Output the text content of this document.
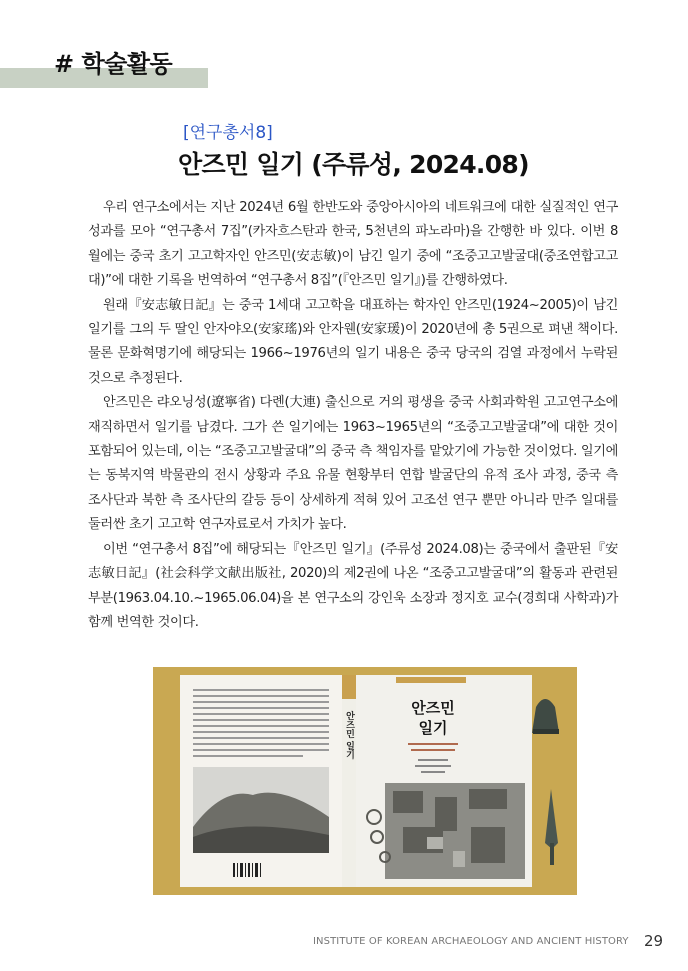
# 학술활동
[연구총서8]
안즈민 일기 (주류성, 2024.08)

우리 연구소에서는 지난 2024년 6월 한반도와 중앙아시아의 네트워크에 대한 실질적인 연구성과를 모아 “연구총서 7집”(카자흐스탄과 한국, 5천년의 파노라마)을 간행한 바 있다. 이번 8월에는 중국 초기 고고학자인 안즈민(安志敏)이 남긴 일기 중에 “조중고고발굴대(중조연합고고대)”에 대한 기록을 번역하여 “연구총서 8집”(『안즈민 일기』)를 간행하였다.

원래『安志敏日記』는 중국 1세대 고고학을 대표하는 학자인 안즈민(1924~2005)이 남긴 일기를 그의 두 딸인 안자야오(安家瑤)와 안자웬(安家瑗)이 2020년에 총 5권으로 펴낸 책이다. 물론 문화혁명기에 해당되는 1966~1976년의 일기 내용은 중국 당국의 검열 과정에서 누락된 것으로 추정된다.

안즈민은 랴오닝성(遼寧省) 다롄(大連) 출신으로 거의 평생을 중국 사회과학원 고고연구소에 재직하면서 일기를 남겼다. 그가 쓴 일기에는 1963~1965년의 “조중고고발굴대”에 대한 것이 포함되어 있는데, 이는 “조중고고발굴대”의 중국 측 책임자를 맡았기에 가능한 것이었다. 일기에는 동북지역 박물관의 전시 상황과 주요 유물 현황부터 연합 발굴단의 유적 조사 과정, 중국 측 조사단과 북한 측 조사단의 갈등 등이 상세하게 적혀 있어 고조선 연구 뿐만 아니라 만주 일대를 둘러싼 초기 고고학 연구자료로서 가치가 높다.

이번 “연구총서 8집”에 해당되는『안즈민 일기』(주류성 2024.08)는 중국에서 출판된『安志敏日記』(社会科学文献出版社, 2020)의 제2권에 나온 “조중고고발굴대”의 활동과 관련된 부분(1963.04.10.~1965.06.04)을 본 연구소의 강인욱 소장과 정지호 교수(경희대 사학과)가 함께 번역한 것이다.

안즈민 일기
안즈민
일기
INSTITUTE OF KOREAN ARCHAEOLOGY AND ANCIENT HISTORY 29
